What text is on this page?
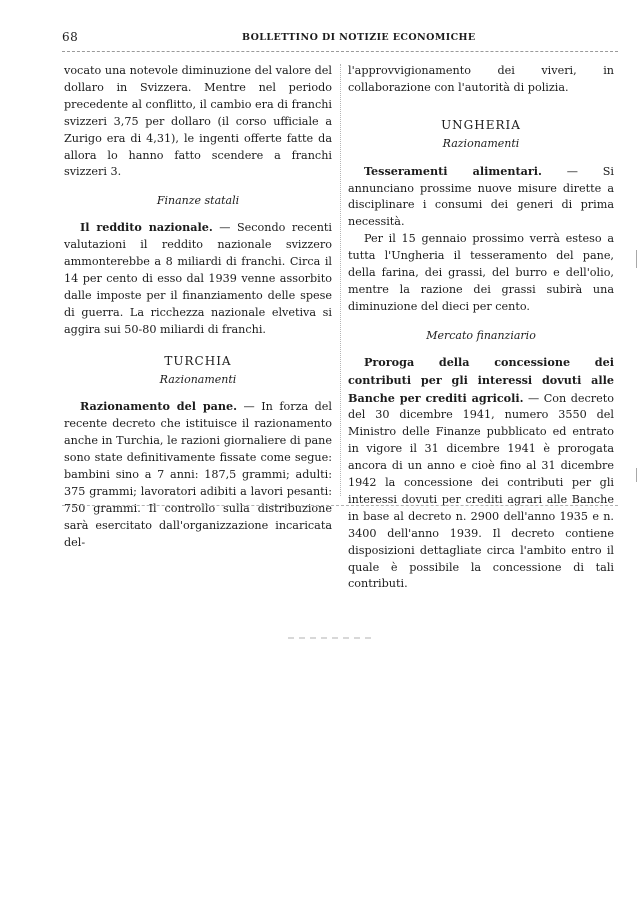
68	BOLLETTINO DI NOTIZIE ECONOMICHE

vocato una notevole diminuzione del valore del dollaro in Svizzera. Mentre nel periodo precedente al conflitto, il cambio era di franchi svizzeri 3,75 per dollaro (il corso ufficiale a Zurigo era di 4,31), le ingenti offerte fatte da allora lo hanno fatto scendere a franchi svizzeri 3.

Finanze statali

Il reddito nazionale. — Secondo recenti valutazioni il reddito nazionale svizzero ammonterebbe a 8 miliardi di franchi. Circa il 14 per cento di esso dal 1939 venne assorbito dalle imposte per il finanziamento delle spese di guerra. La ricchezza nazionale elvetiva si aggira sui 50-80 miliardi di franchi.

TURCHIA
Razionamenti

Razionamento del pane. — In forza del recente decreto che istituisce il razionamento anche in Turchia, le razioni giornaliere di pane sono state definitivamente fissate come segue: bambini sino a 7 anni: 187,5 grammi; adulti: 375 grammi; lavoratori adibiti a lavori pesanti: 750 grammi. Il controllo sulla distribuzione sarà esercitato dall'organizzazione incaricata del-

l'approvvigionamento dei viveri, in collaborazione con l'autorità di polizia.

UNGHERIA
Razionamenti

Tesseramenti alimentari. — Si annunciano prossime nuove misure dirette a disciplinare i consumi dei generi di prima necessità.

Per il 15 gennaio prossimo verrà esteso a tutta l'Ungheria il tesseramento del pane, della farina, dei grassi, del burro e dell'olio, mentre la razione dei grassi subirà una diminuzione del dieci per cento.

Mercato finanziario

Proroga della concessione dei contributi per gli interessi dovuti alle Banche per crediti agricoli. — Con decreto del 30 dicembre 1941, numero 3550 del Ministro delle Finanze pubblicato ed entrato in vigore il 31 dicembre 1941 è prorogata ancora di un anno e cioè fino al 31 dicembre 1942 la concessione dei contributi per gli interessi dovuti per crediti agrari alle Banche in base al decreto n. 2900 dell'anno 1935 e n. 3400 dell'anno 1939. Il decreto contiene disposizioni dettagliate circa l'ambito entro il quale è possibile la concessione di tali contributi.
